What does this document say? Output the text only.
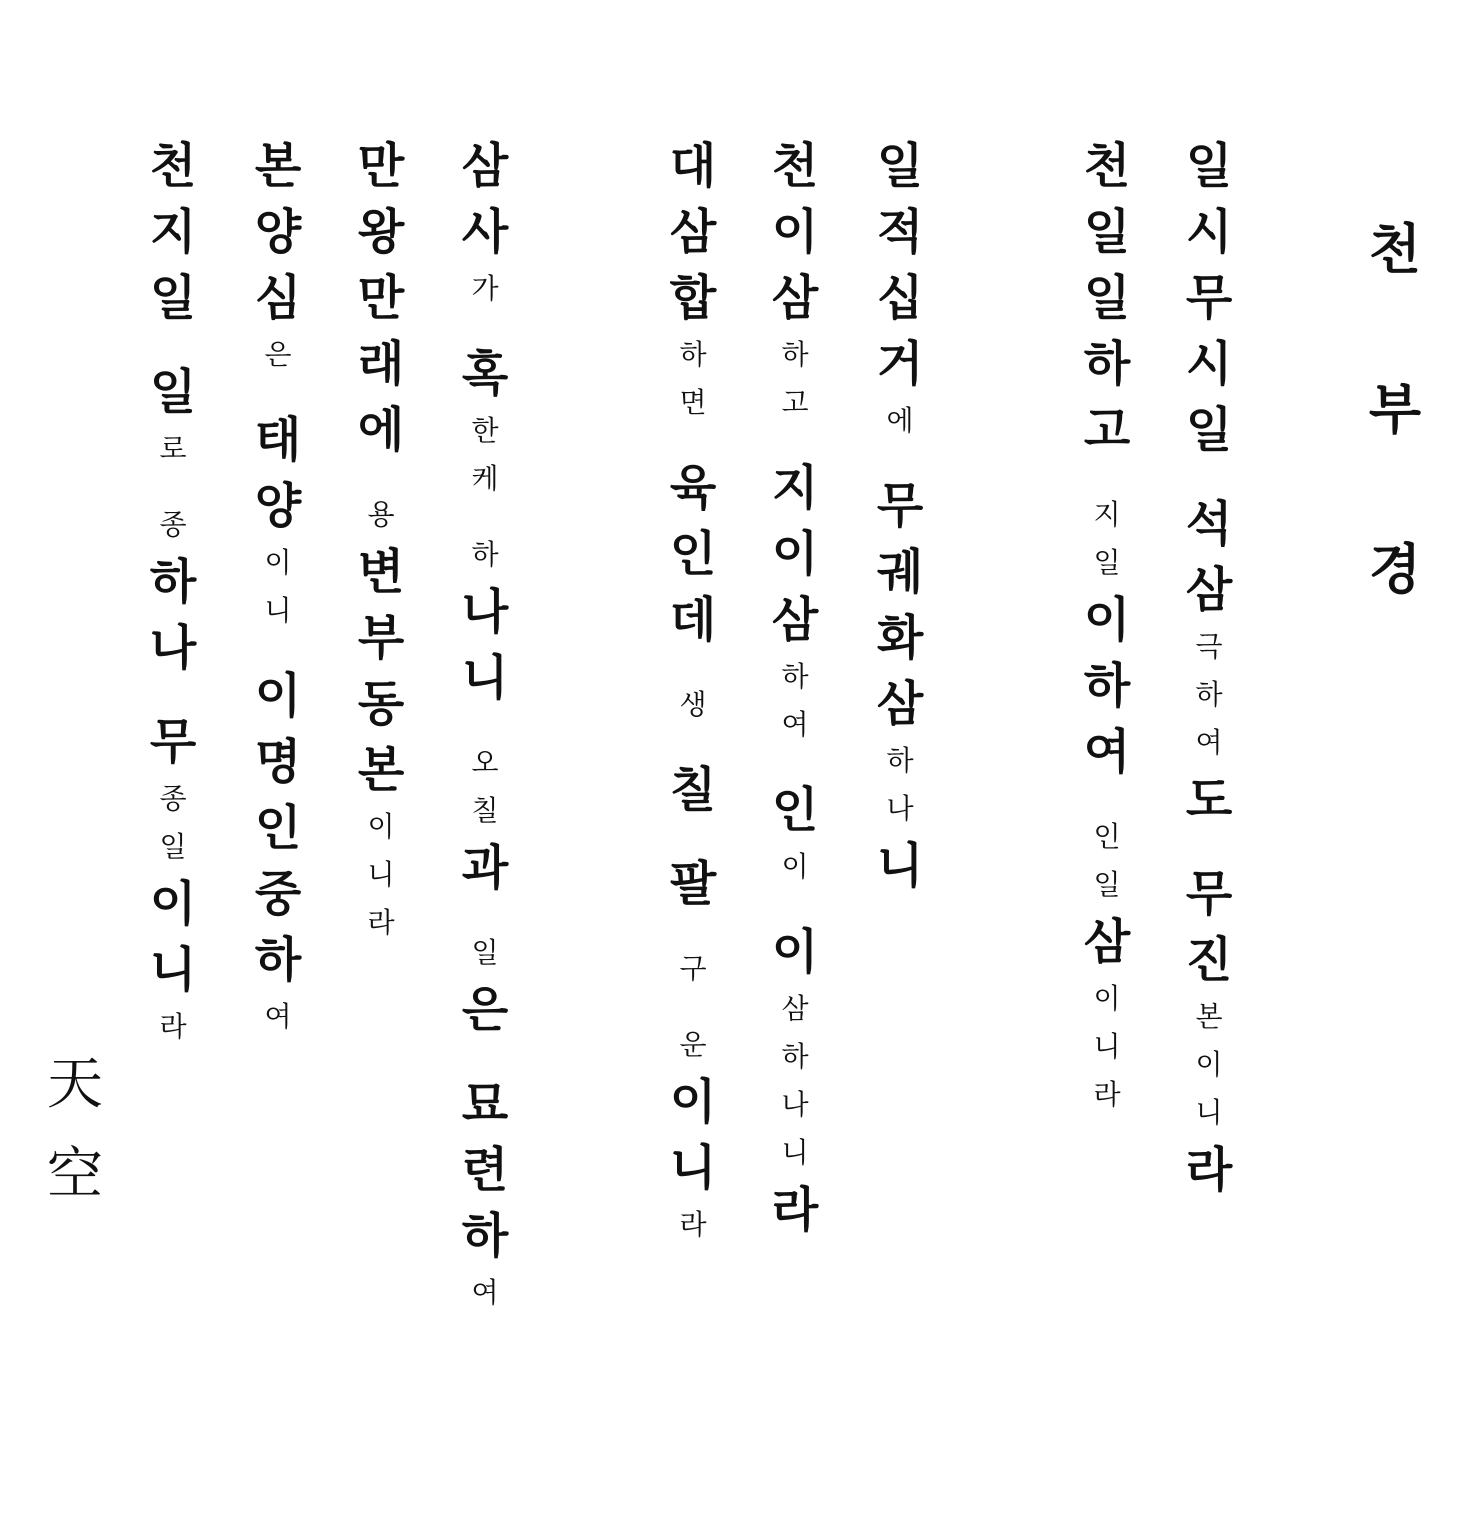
천
부
경
일
시
무
시
일
석
삼
극
하
여
도
무
진
본
이
니
라
천
일
일
하
고
지
일
이
하
여
인
일
삼
이
니
라
일
적
십
거
에
무
궤
화
삼
하
나
니
천
이
삼
하
고
지
이
삼
하
여
인
이
이
삼
하
나
니
라
대
삼
합
하
면
육
인
데
생
칠
팔
구
운
이
니
라
삼
사
가
혹
한
케
하
나
니
오
칠
과
일
은
묘
련
하
여
만
왕
만
래
에
용
변
부
동
본
이
니
라
본
양
심
은
태
양
이
니
이
명
인
중
하
여
천
지
일
일
로
종
하
나
무
종
일
이
니
라
天
空
